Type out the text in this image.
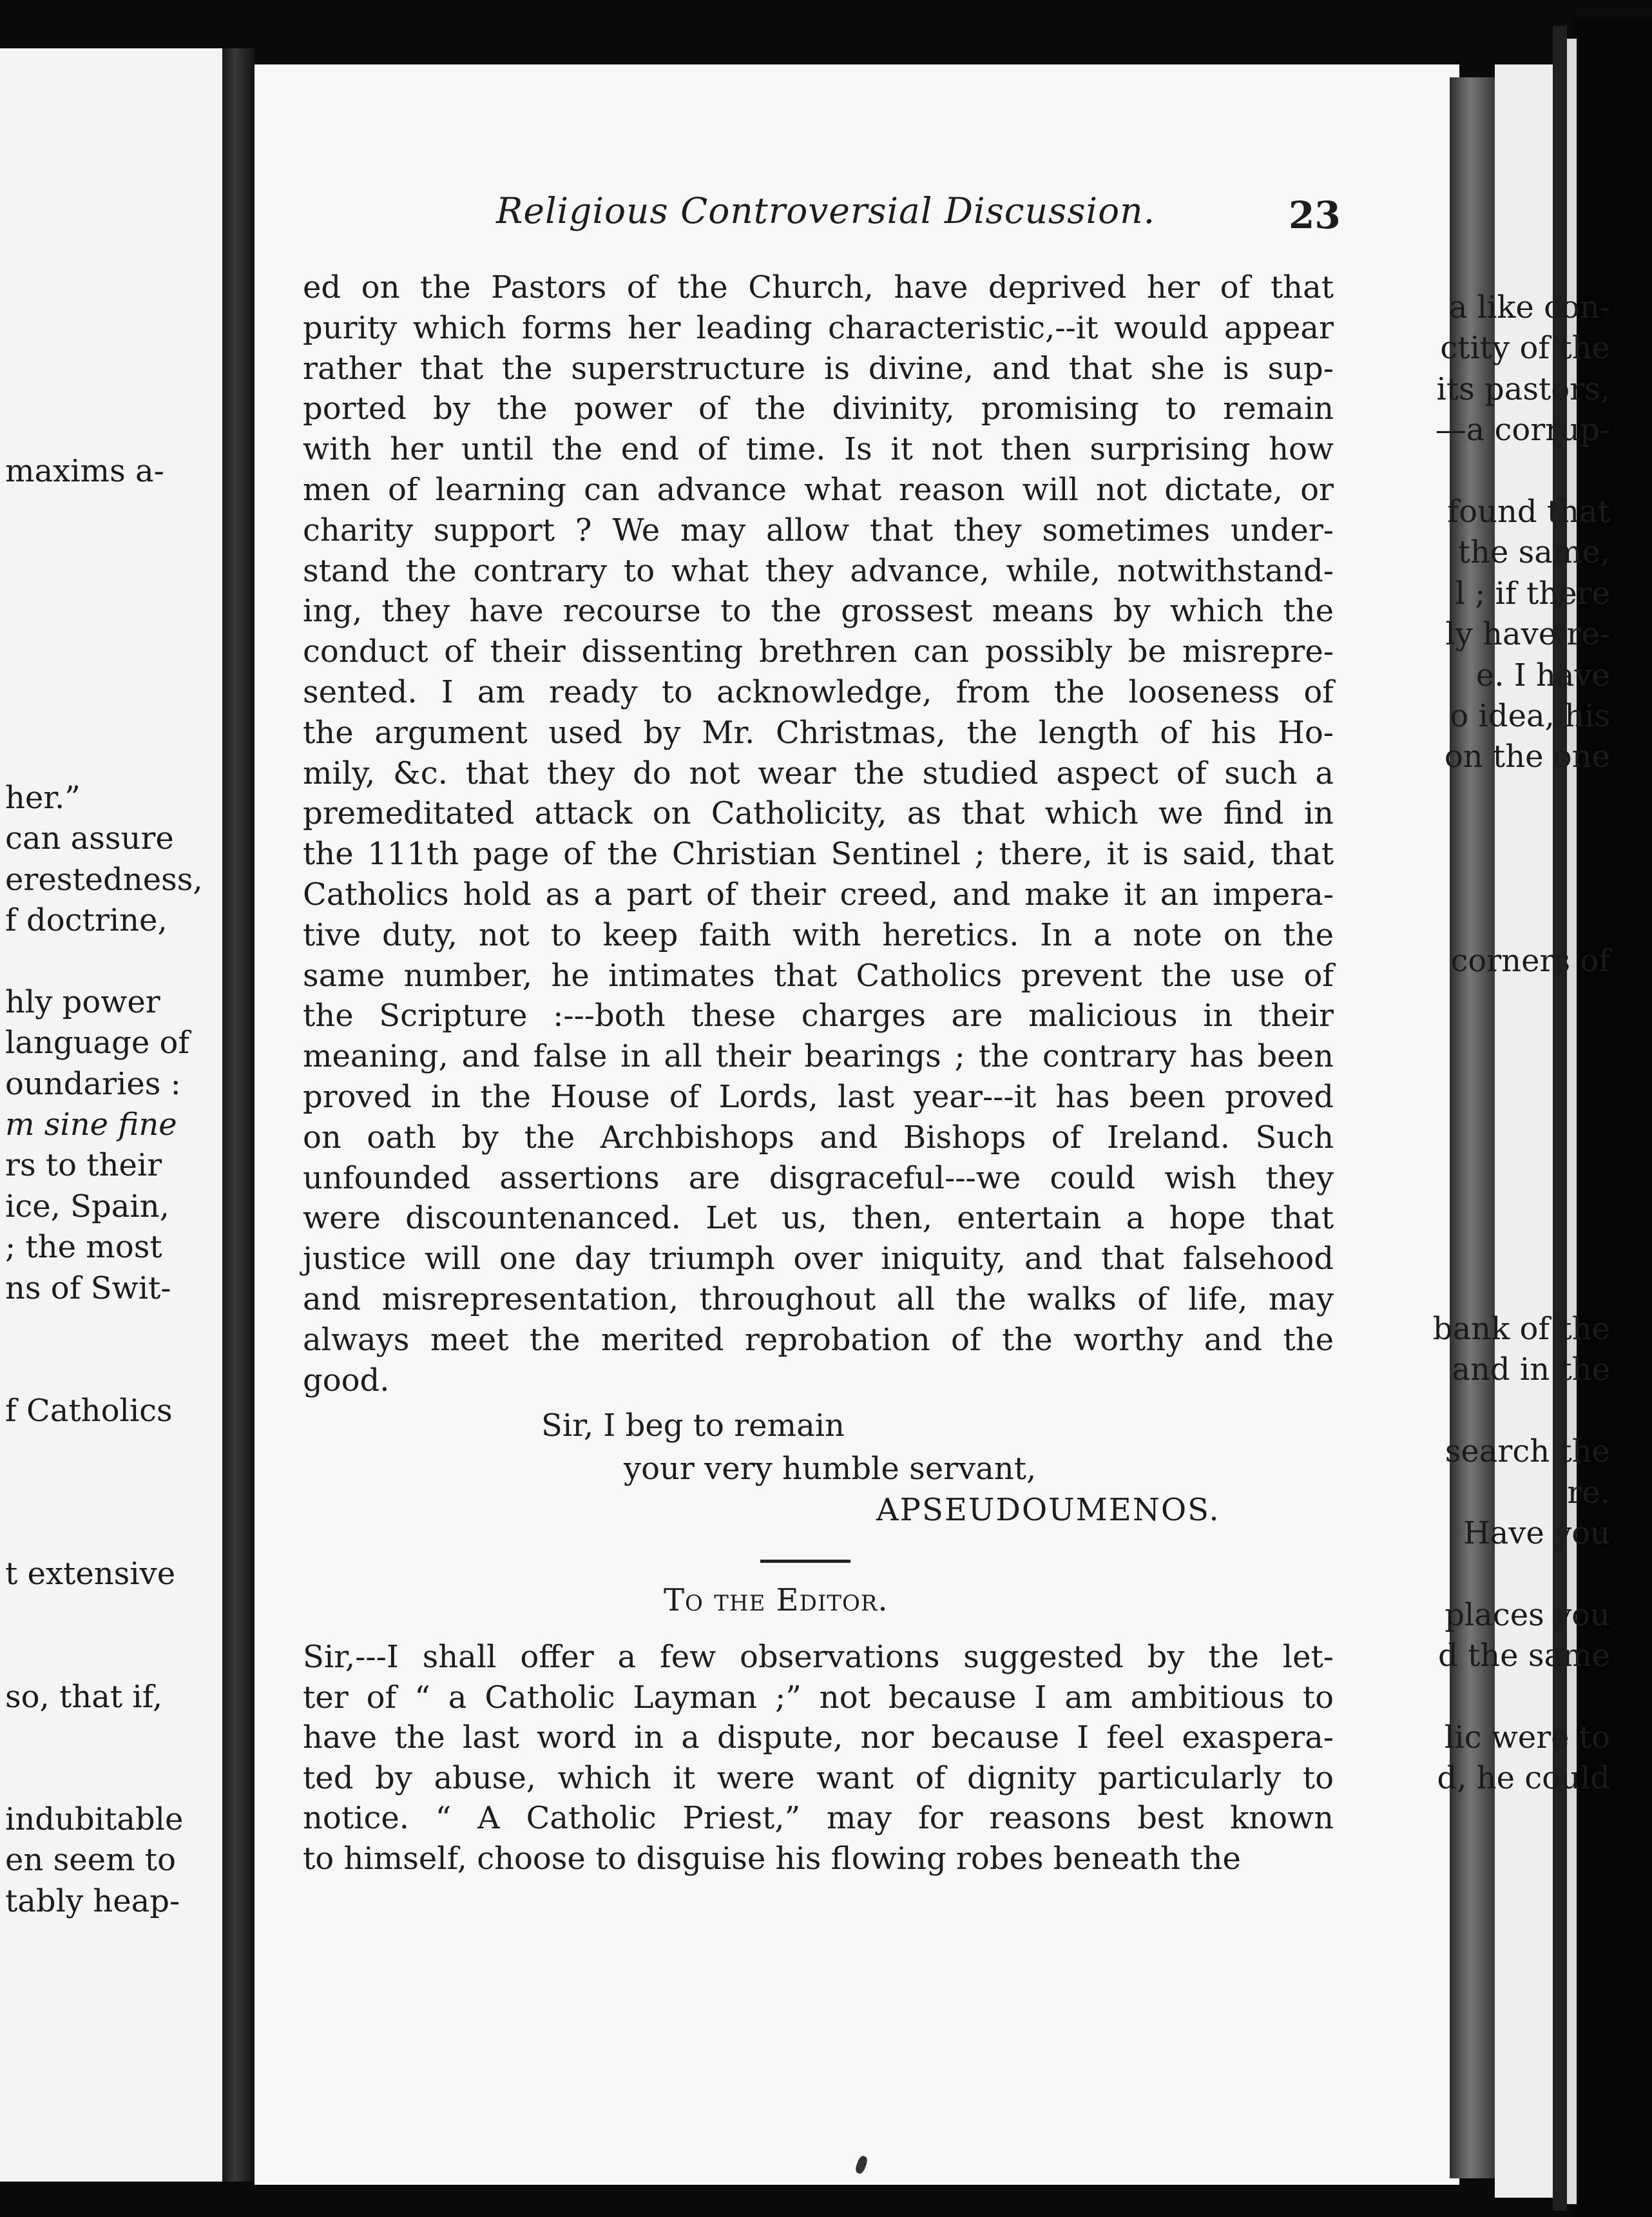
a like con-
ctity of the
its pastors,
—a corrup-
maxims a-
found that
the same,
l ; if there
ly have re-
e. I have
o idea, his
on the one
her.”
can assure
erestedness,
f doctrine,
corners of
hly power
language of
oundaries :
m sine fine
rs to their
ice, Spain,
; the most
ns of Swit-
bank of the
and in the
f Catholics
search the
re.
Have you
t extensive
places you
d the same
so, that if,
lic were to
d, he could
indubitable
en seem to
tably heap-
Religious Controversial Discussion.	23
ed on the Pastors of the Church, have deprived her of that
purity which forms her leading characteristic,--it would appear
rather that the superstructure is divine, and that she is sup-
ported by the power of the divinity, promising to remain
with her until the end of time. Is it not then surprising how
men of learning can advance what reason will not dictate, or
charity support ? We may allow that they sometimes under-
stand the contrary to what they advance, while, notwithstand-
ing, they have recourse to the grossest means by which the
conduct of their dissenting brethren can possibly be misrepre-
sented. I am ready to acknowledge, from the looseness of
the argument used by Mr. Christmas, the length of his Ho-
mily, &c. that they do not wear the studied aspect of such a
premeditated attack on Catholicity, as that which we find in
the 111th page of the Christian Sentinel ; there, it is said, that
Catholics hold as a part of their creed, and make it an impera-
tive duty, not to keep faith with heretics. In a note on the
same number, he intimates that Catholics prevent the use of
the Scripture :---both these charges are malicious in their
meaning, and false in all their bearings ; the contrary has been
proved in the House of Lords, last year---it has been proved
on oath by the Archbishops and Bishops of Ireland. Such
unfounded assertions are disgraceful---we could wish they
were discountenanced. Let us, then, entertain a hope that
justice will one day triumph over iniquity, and that falsehood
and misrepresentation, throughout all the walks of life, may
always meet the merited reprobation of the worthy and the
good.
Sir, I beg to remain
your very humble servant,
APSEUDOUMENOS.
To the Editor.
Sir,---I shall offer a few observations suggested by the let-
ter of “ a Catholic Layman ;” not because I am ambitious to
have the last word in a dispute, nor because I feel exaspera-
ted by abuse, which it were want of dignity particularly to
notice. “ A Catholic Priest,” may for reasons best known
to himself, choose to disguise his flowing robes beneath the
